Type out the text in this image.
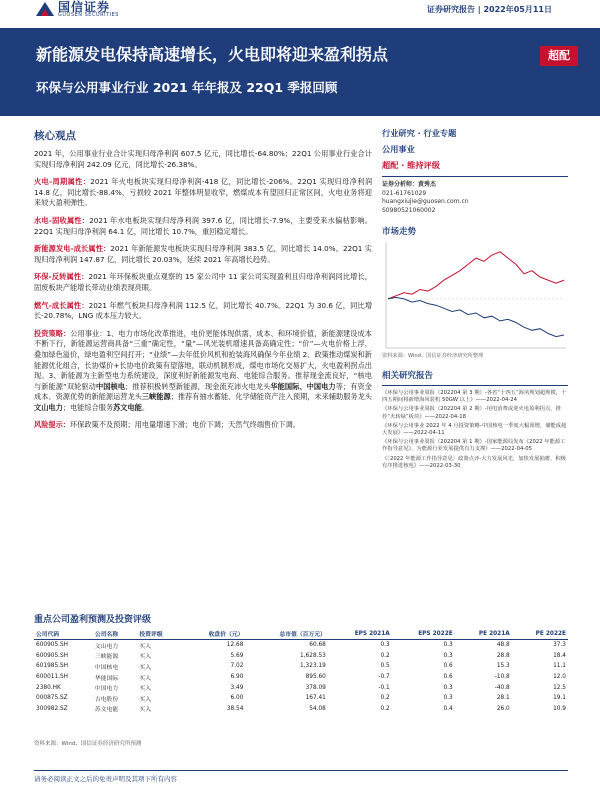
国信证券
GUOSEN SECURITIES
证券研究报告 | 2022年05月11日
新能源发电保持高速增长，火电即将迎来盈利拐点
环保与公用事业行业 2021 年年报及 22Q1 季报回顾
超配
核心观点

2021 年，公用事业行业合计实现归母净利润 607.5 亿元，同比增长-64.80%；22Q1 公用事业行业合计实现归母净利润 242.09 亿元，同比增长-26.38%。

火电-周期属性：2021 年火电板块实现归母净利润-418 亿，同比增长-206%。22Q1 实现归母净利润 14.8 亿，同比增长-88.4%，亏损较 2021 年整体明显收窄，燃煤成本有望回归正常区间，火电业务将迎来较大盈利弹性。

水电-固收属性：2021 年水电板块实现归母净利润 397.6 亿，同比增长-7.9%，主要受来水偏枯影响。22Q1 实现归母净利润 64.1 亿，同比增长 10.7%，重回稳定增长。

新能源发电-成长属性：2021 年新能源发电板块实现归母净利润 383.5 亿，同比增长 14.0%。22Q1 实现归母净利润 147.87 亿，同比增长 20.03%，延续 2021 年高增长趋势。

环保-反转属性：2021 年环保板块重点观察的 15 家公司中 11 家公司实现盈利且归母净利润同比增长，固废板块产能增长带动业绩表现亮眼。

燃气-成长属性：2021 年燃气板块归母净利润 112.5 亿，同比增长 40.7%。22Q1 为 30.6 亿，同比增长-20.78%，LNG 成本压力较大。

投资策略：公用事业：1、电力市场化改革推进，电价更能体现供需、成本、和环境价值，新能源建设成本不断下行，新能源运营商具备“三重”确定性，“量”—风光装机增速具备高确定性；“价”—火电价格上浮，叠加绿色溢价，绿电盈利空间打开；“业绩”—去年低价风机和抢装海风确保今年业绩 2、政策推动煤炭和新能源优化组合，长协煤价+长协电价政策有望落地，联动机制形成，煤电市场化交易扩大，火电盈利拐点出现。3、新能源为主新型电力系统建设，深度利好新能源发电商、电能综合服务。推荐现金流良好，“核电与新能源”双轮驱动中国核电；推荐积极转型新能源，现金流充沛火电龙头华能国际、中国电力等；有资金成本、资源优势的新能源运营龙头三峡能源；推荐有抽水蓄能、化学储能资产注入预期，未来辅助服务龙头文山电力；电能综合服务苏文电能。

风险提示：环保政策不及预期；用电量增速下滑；电价下调；天然气终端售价下调。

行业研究 · 行业专题
公用事业
超配 · 维持评级
证券分析师：黄秀杰
021-61761029
huangxiujie@guosen.com.cn
S0980521060002
市场走势
资料来源：Wind、国信证券经济研究所整理
相关研究报告
《环保与公用事业周报（202204 第 3 期）-各省“十四五”海风规划超规模，十四五期间将新增海风装机 50GW 以上》——2022-04-24
《环保与公用事业周报（202204 第 2 期）-用电消费或迎火电盈利拐点，推荐“火转绿”板块》——2022-04-18
《环保与公用事业 2022 年 4 月投资策略-中国核电一季度大幅预增，储能成超大发展》——2022-04-11
《环保与公用事业周报（202204 第 1 期）-国家能源局发布《2022 年能源工作指导意见》，为能源行业发展提供有力支撑》——2022-04-05
《〈2022 年能源工作指导意见〉政策点评-大力发展风光，加快发展抽蓄、积极有序推进核电》——2022-03-30
重点公司盈利预测及投资评级
公司代码	公司名称	投资评级	收盘价（元）	总市值（百万元）	EPS 2021A	EPS 2022E	PE 2021A	PE 2022E
600905.SH	文山电力	买入	12.68	60.68	0.3	0.3	48.8	37.3
600905.SH	三峡能源	买入	5.69	1,628.53	0.2	0.3	28.8	18.4
601985.SH	中国核电	买入	7.02	1,323.19	0.5	0.6	15.3	11.1
600011.SH	华能国际	买入	6.90	895.60	-0.7	0.6	-10.8	12.0
2380.HK	中国电力	买入	3.49	378.09	-0.1	0.3	-40.8	12.5
000875.SZ	吉电股份	买入	6.00	167.41	0.2	0.3	28.1	19.1
300982.SZ	苏文电能	买入	38.54	54.08	0.2	0.4	26.0	10.9
资料来源：Wind、国信证券经济研究所预测
请务必阅读正文之后的免责声明及其项下所有内容
